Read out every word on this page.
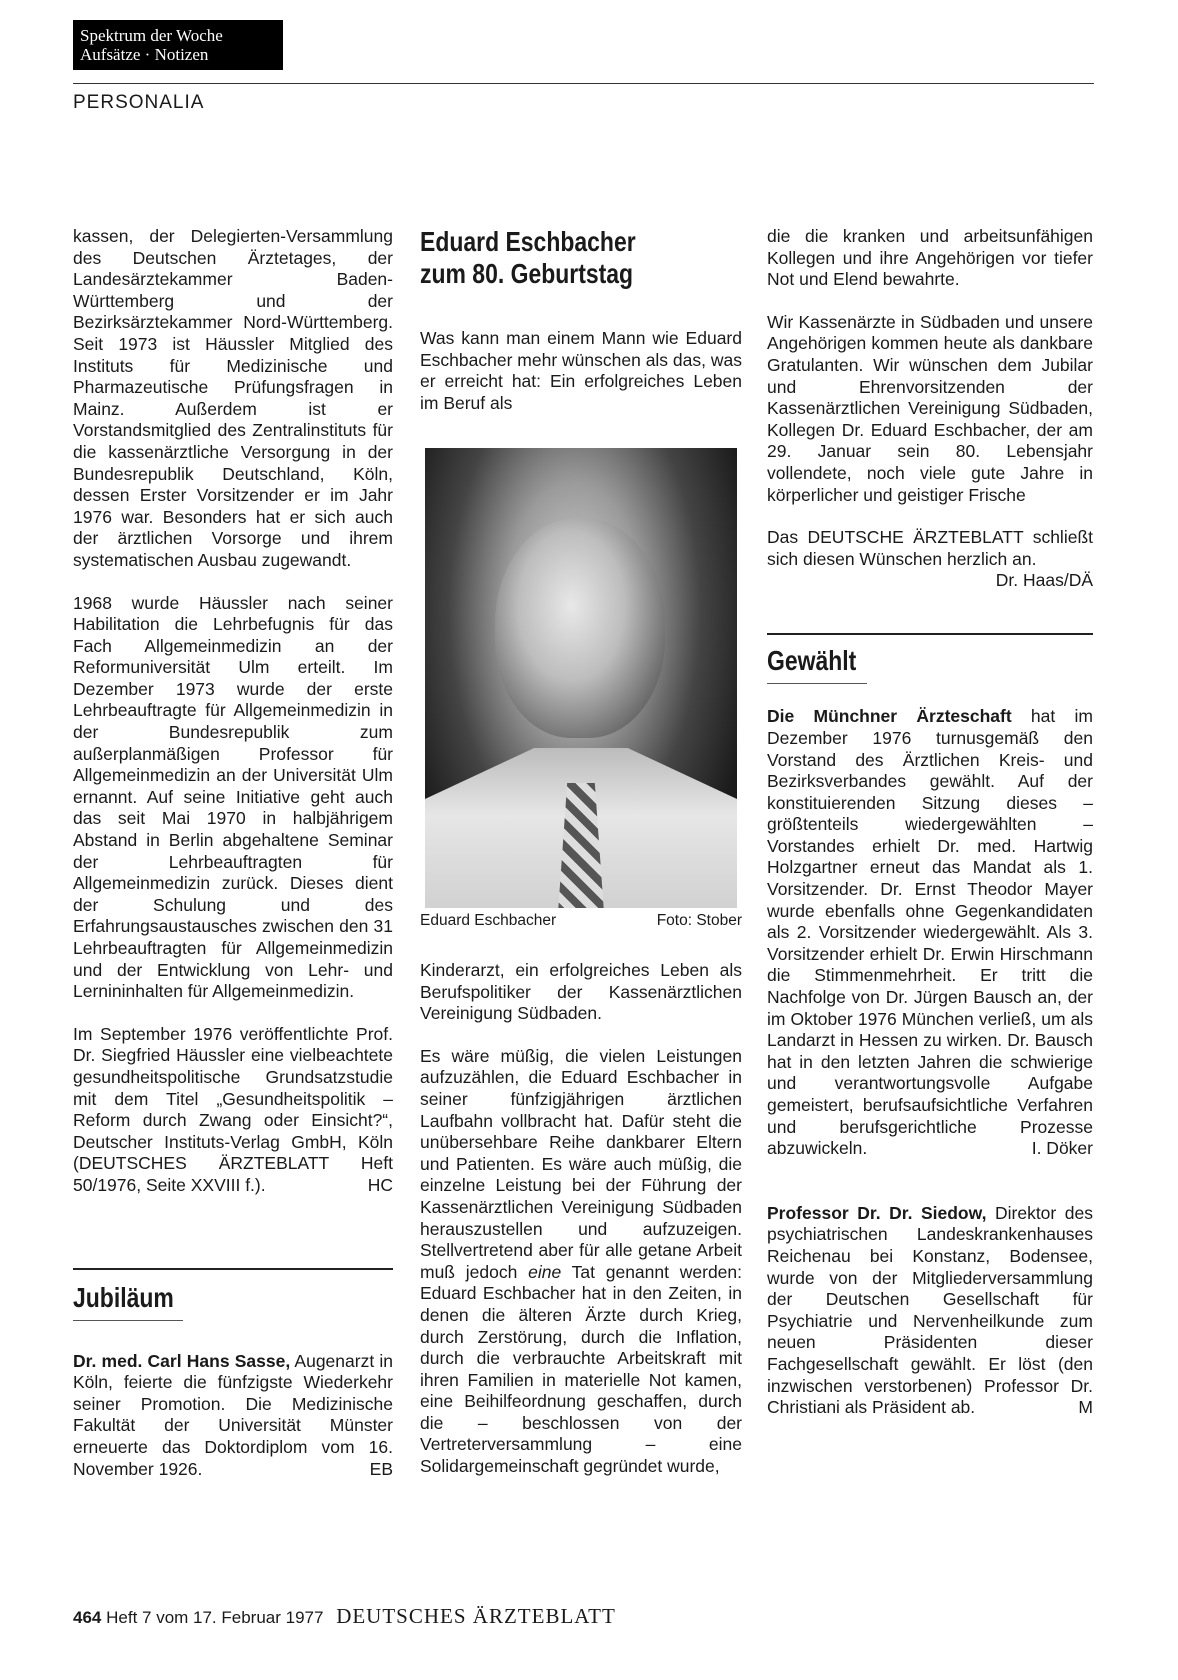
Spektrum der Woche
Aufsätze · Notizen
PERSONALIA

kassen, der Delegierten-Versammlung des Deutschen Ärztetages, der Landesärztekammer Baden-Württemberg und der Bezirksärztekammer Nord-Württemberg. Seit 1973 ist Häussler Mitglied des Instituts für Medizinische und Pharmazeutische Prüfungsfragen in Mainz. Außerdem ist er Vorstandsmitglied des Zentralinstituts für die kassenärztliche Versorgung in der Bundesrepublik Deutschland, Köln, dessen Erster Vorsitzender er im Jahr 1976 war. Besonders hat er sich auch der ärztlichen Vorsorge und ihrem systematischen Ausbau zugewandt.

1968 wurde Häussler nach seiner Habilitation die Lehrbefugnis für das Fach Allgemeinmedizin an der Reformuniversität Ulm erteilt. Im Dezember 1973 wurde der erste Lehrbeauftragte für Allgemeinmedizin in der Bundesrepublik zum außerplanmäßigen Professor für Allgemeinmedizin an der Universität Ulm ernannt. Auf seine Initiative geht auch das seit Mai 1970 in halbjährigem Abstand in Berlin abgehaltene Seminar der Lehrbeauftragten für Allgemeinmedizin zurück. Dieses dient der Schulung und des Erfahrungsaustausches zwischen den 31 Lehrbeauftragten für Allgemeinmedizin und der Entwicklung von Lehr- und Lernininhalten für Allgemeinmedizin.

Im September 1976 veröffentlichte Prof. Dr. Siegfried Häussler eine vielbeachtete gesundheitspolitische Grundsatzstudie mit dem Titel „Gesundheitspolitik – Reform durch Zwang oder Einsicht?“, Deutscher Instituts-Verlag GmbH, Köln (DEUTSCHES ÄRZTEBLATT Heft 50/1976, Seite XXVIII f.).	HC

Jubiläum

Dr. med. Carl Hans Sasse, Augenarzt in Köln, feierte die fünfzigste Wiederkehr seiner Promotion. Die Medizinische Fakultät der Universität Münster erneuerte das Doktordiplom vom 16. November 1926.	EB

Eduard Eschbacher
zum 80. Geburtstag

Was kann man einem Mann wie Eduard Eschbacher mehr wünschen als das, was er erreicht hat: Ein erfolgreiches Leben im Beruf als

Eduard Eschbacher	Foto: Stober

Kinderarzt, ein erfolgreiches Leben als Berufspolitiker der Kassenärztlichen Vereinigung Südbaden.

Es wäre müßig, die vielen Leistungen aufzuzählen, die Eduard Eschbacher in seiner fünfzigjährigen ärztlichen Laufbahn vollbracht hat. Dafür steht die unübersehbare Reihe dankbarer Eltern und Patienten. Es wäre auch müßig, die einzelne Leistung bei der Führung der Kassenärztlichen Vereinigung Südbaden herauszustellen und aufzuzeigen. Stellvertretend aber für alle getane Arbeit muß jedoch eine Tat genannt werden: Eduard Eschbacher hat in den Zeiten, in denen die älteren Ärzte durch Krieg, durch Zerstörung, durch die Inflation, durch die verbrauchte Arbeitskraft mit ihren Familien in materielle Not kamen, eine Beihilfeordnung geschaffen, durch die – beschlossen von der Vertreterversammlung – eine Solidargemeinschaft gegründet wurde,

die die kranken und arbeitsunfähigen Kollegen und ihre Angehörigen vor tiefer Not und Elend bewahrte.

Wir Kassenärzte in Südbaden und unsere Angehörigen kommen heute als dankbare Gratulanten. Wir wünschen dem Jubilar und Ehrenvorsitzenden der Kassenärztlichen Vereinigung Südbaden, Kollegen Dr. Eduard Eschbacher, der am 29. Januar sein 80. Lebensjahr vollendete, noch viele gute Jahre in körperlicher und geistiger Frische

Das DEUTSCHE ÄRZTEBLATT schließt sich diesen Wünschen herzlich an.
Dr. Haas/DÄ

Gewählt

Die Münchner Ärzteschaft hat im Dezember 1976 turnusgemäß den Vorstand des Ärztlichen Kreis- und Bezirksverbandes gewählt. Auf der konstituierenden Sitzung dieses – größtenteils wiedergewählten – Vorstandes erhielt Dr. med. Hartwig Holzgartner erneut das Mandat als 1. Vorsitzender. Dr. Ernst Theodor Mayer wurde ebenfalls ohne Gegenkandidaten als 2. Vorsitzender wiedergewählt. Als 3. Vorsitzender erhielt Dr. Erwin Hirschmann die Stimmenmehrheit. Er tritt die Nachfolge von Dr. Jürgen Bausch an, der im Oktober 1976 München verließ, um als Landarzt in Hessen zu wirken. Dr. Bausch hat in den letzten Jahren die schwierige und verantwortungsvolle Aufgabe gemeistert, berufsaufsichtliche Verfahren und berufsgerichtliche Prozesse abzuwickeln.	I. Döker

Professor Dr. Dr. Siedow, Direktor des psychiatrischen Landeskrankenhauses Reichenau bei Konstanz, Bodensee, wurde von der Mitgliederversammlung der Deutschen Gesellschaft für Psychiatrie und Nervenheilkunde zum neuen Präsidenten dieser Fachgesellschaft gewählt. Er löst (den inzwischen verstorbenen) Professor Dr. Christiani als Präsident ab.	M

464 Heft 7 vom 17. Februar 1977 DEUTSCHES ÄRZTEBLATT
